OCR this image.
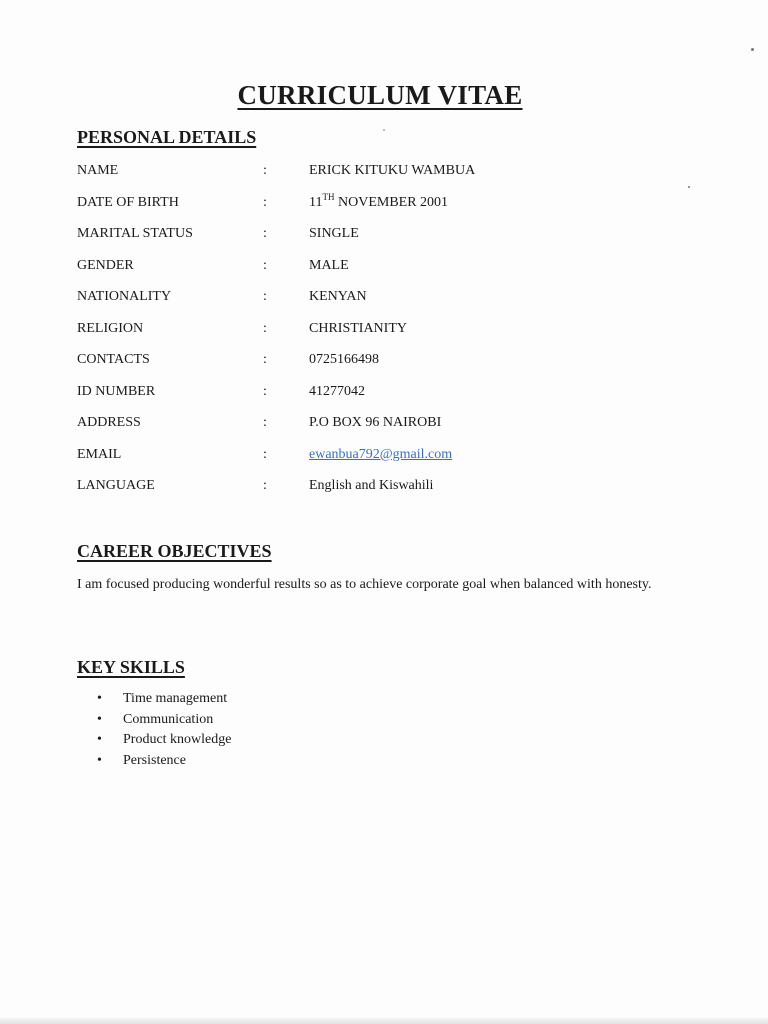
CURRICULUM VITAE
PERSONAL DETAILS
NAME	:	ERICK KITUKU WAMBUA
DATE OF BIRTH	:	11TH NOVEMBER 2001
MARITAL STATUS	:	SINGLE
GENDER	:	MALE
NATIONALITY	:	KENYAN
RELIGION	:	CHRISTIANITY
CONTACTS	:	0725166498
ID NUMBER	:	41277042
ADDRESS	:	P.O BOX 96 NAIROBI
EMAIL	:	ewanbua792@gmail.com
LANGUAGE	:	English and Kiswahili
CAREER OBJECTIVES
I am focused producing wonderful results so as to achieve corporate goal when balanced with honesty.
KEY SKILLS
• Time management
• Communication
• Product knowledge
• Persistence
